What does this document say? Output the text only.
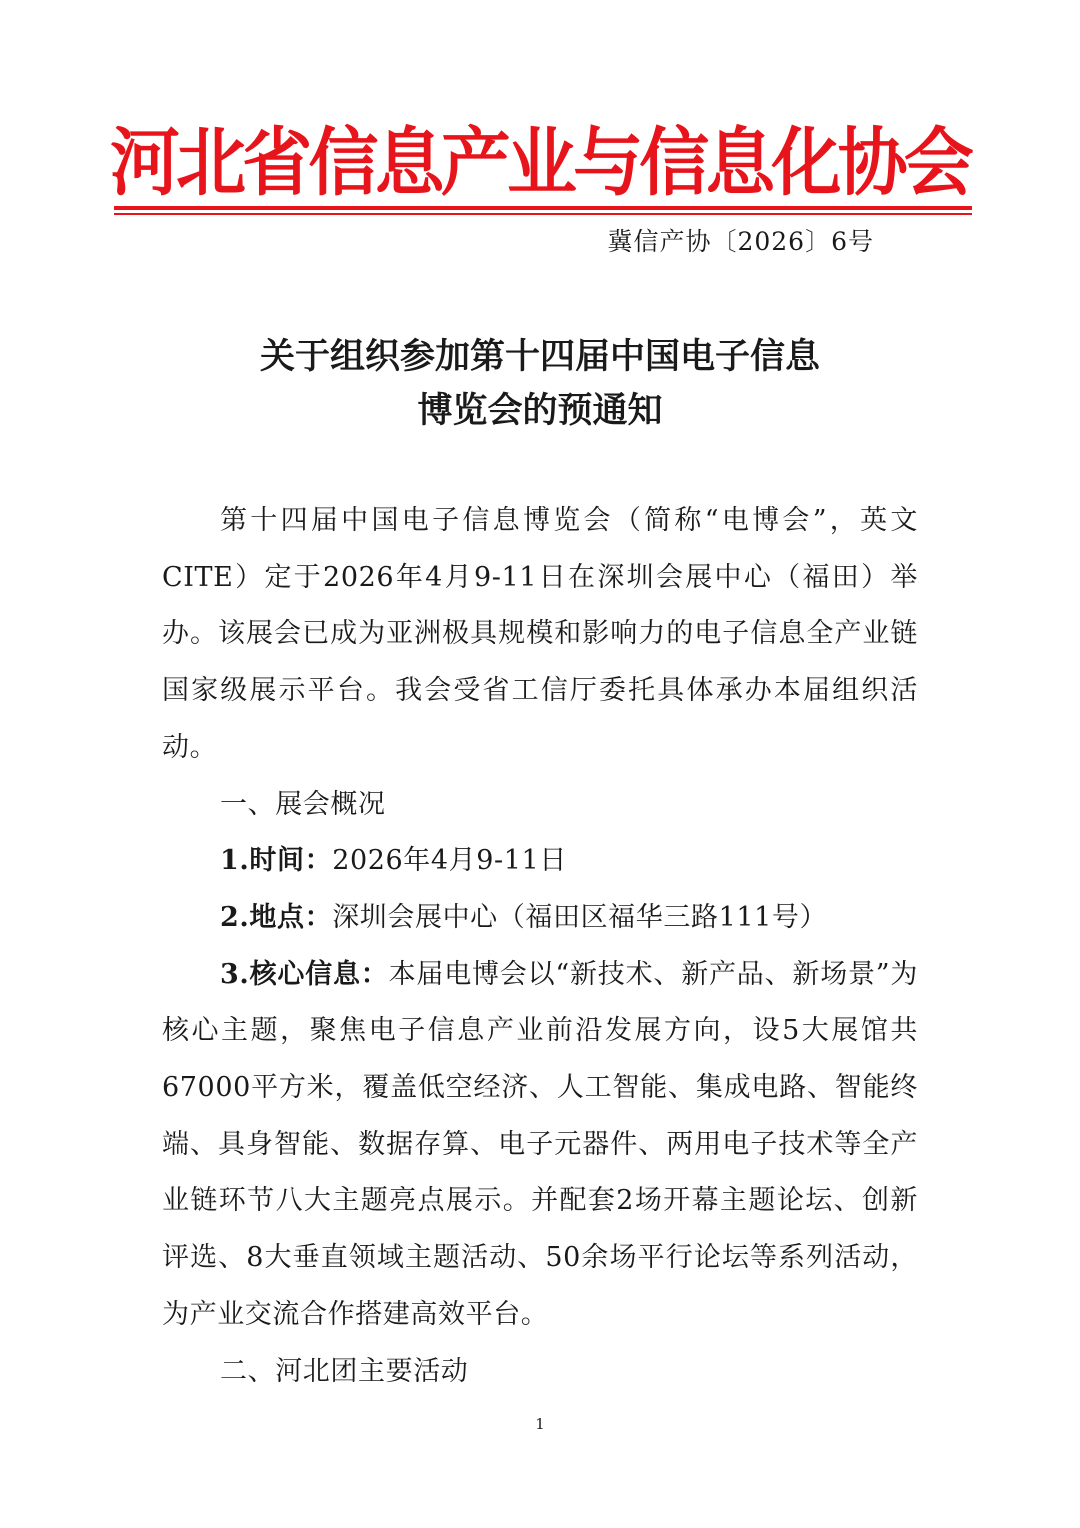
河北省信息产业与信息化协会
冀信产协〔2026〕6号
关于组织参加第十四届中国电子信息
博览会的预通知

第十四届中国电子信息博览会（简称“电博会”，英文CITE）定于2026年4月9-11日在深圳会展中心（福田）举办。该展会已成为亚洲极具规模和影响力的电子信息全产业链国家级展示平台。我会受省工信厅委托具体承办本届组织活动。

一、展会概况

1.时间：2026年4月9-11日

2.地点：深圳会展中心（福田区福华三路111号）

3.核心信息：本届电博会以“新技术、新产品、新场景”为核心主题，聚焦电子信息产业前沿发展方向，设5大展馆共67000平方米，覆盖低空经济、人工智能、集成电路、智能终端、具身智能、数据存算、电子元器件、两用电子技术等全产业链环节八大主题亮点展示。并配套2场开幕主题论坛、创新评选、8大垂直领域主题活动、50余场平行论坛等系列活动，为产业交流合作搭建高效平台。

二、河北团主要活动

1
